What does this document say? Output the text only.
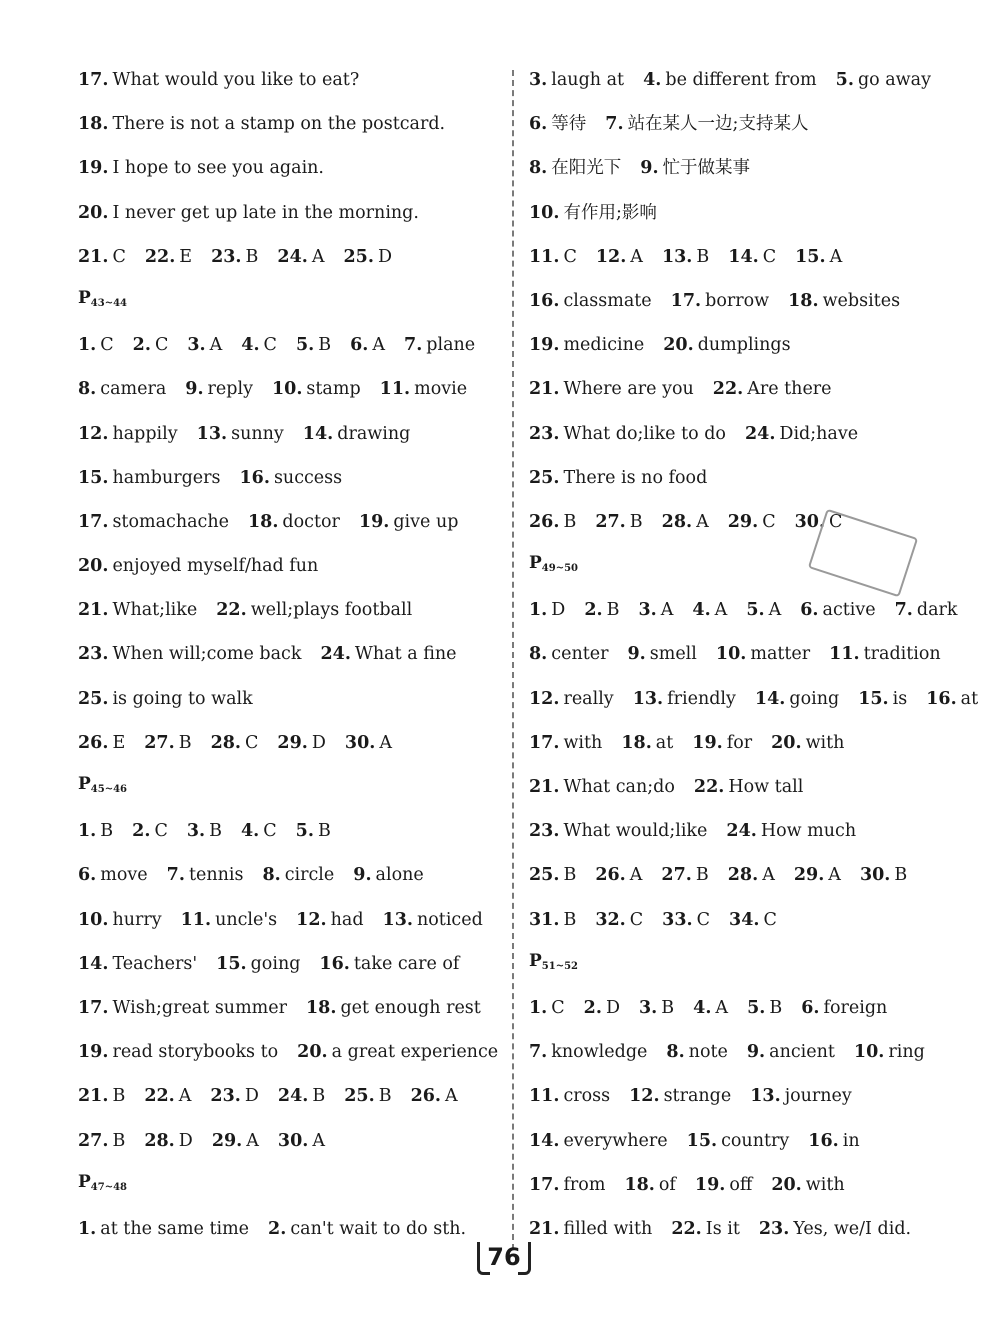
17. What would you like to eat?
18. There is not a stamp on the postcard.
19. I hope to see you again.
20. I never get up late in the morning.
21. C 22. E 23. B 24. A 25. D
$P_{43\sim 44}$
1. C 2. C 3. A 4. C 5. B 6. A 7. plane
8. camera 9. reply 10. stamp 11. movie
12. happily 13. sunny 14. drawing
15. hamburgers 16. success
17. stomachache 18. doctor 19. give up
20. enjoyed myself/had fun
21. What;like 22. well;plays football
23. When will;come back 24. What a fine
25. is going to walk
26. E 27. B 28. C 29. D 30. A
$P_{45\sim 46}$
1. B 2. C 3. B 4. C 5. B
6. move 7. tennis 8. circle 9. alone
10. hurry 11. uncle's 12. had 13. noticed
14. Teachers' 15. going 16. take care of
17. Wish;great summer 18. get enough rest
19. read storybooks to 20. a great experience
21. B 22. A 23. D 24. B 25. B 26. A
27. B 28. D 29. A 30. A
$P_{47\sim 48}$
1. at the same time 2. can't wait to do sth.
3. laugh at 4. be different from 5. go away
6. 等待 7. 站在某人一边;支持某人
8. 在阳光下 9. 忙于做某事
10. 有作用;影响
11. C 12. A 13. B 14. C 15. A
16. classmate 17. borrow 18. websites
19. medicine 20. dumplings
21. Where are you 22. Are there
23. What do;like to do 24. Did;have
25. There is no food
26. B 27. B 28. A 29. C 30. C
$P_{49\sim 50}$
1. D 2. B 3. A 4. A 5. A 6. active 7. dark
8. center 9. smell 10. matter 11. tradition
12. really 13. friendly 14. going 15. is 16. at
17. with 18. at 19. for 20. with
21. What can;do 22. How tall
23. What would;like 24. How much
25. B 26. A 27. B 28. A 29. A 30. B
31. B 32. C 33. C 34. C
$P_{51\sim 52}$
1. C 2. D 3. B 4. A 5. B 6. foreign
7. knowledge 8. note 9. ancient 10. ring
11. cross 12. strange 13. journey
14. everywhere 15. country 16. in
17. from 18. of 19. off 20. with
21. filled with 22. Is it 23. Yes, we/I did.
76
